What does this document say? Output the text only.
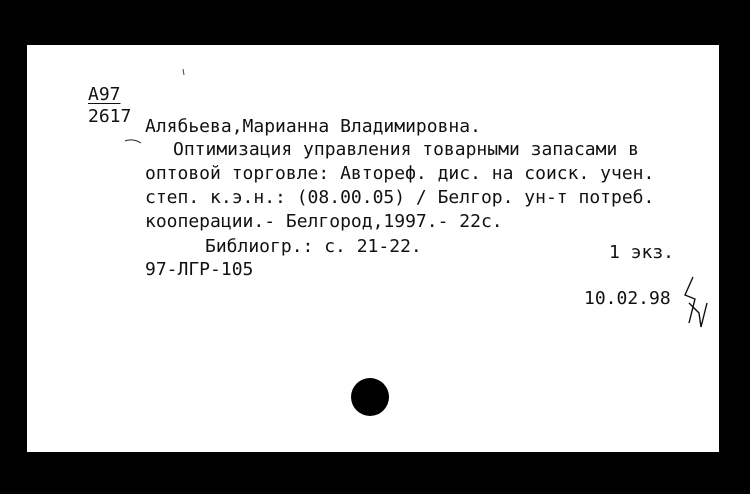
А97
2617 Алябьева,Марианна Владимировна.
Оптимизация управления товарными запасами в
оптовой торговле: Автореф. дис. на соиск. учен.
степ. к.э.н.: (08.00.05) / Белгор. ун-т потреб.
кооперации.- Белгород,1997.- 22с.
Библиогр.: с. 21-22.	1 экз.
97-ЛГР-105
10.02.98
